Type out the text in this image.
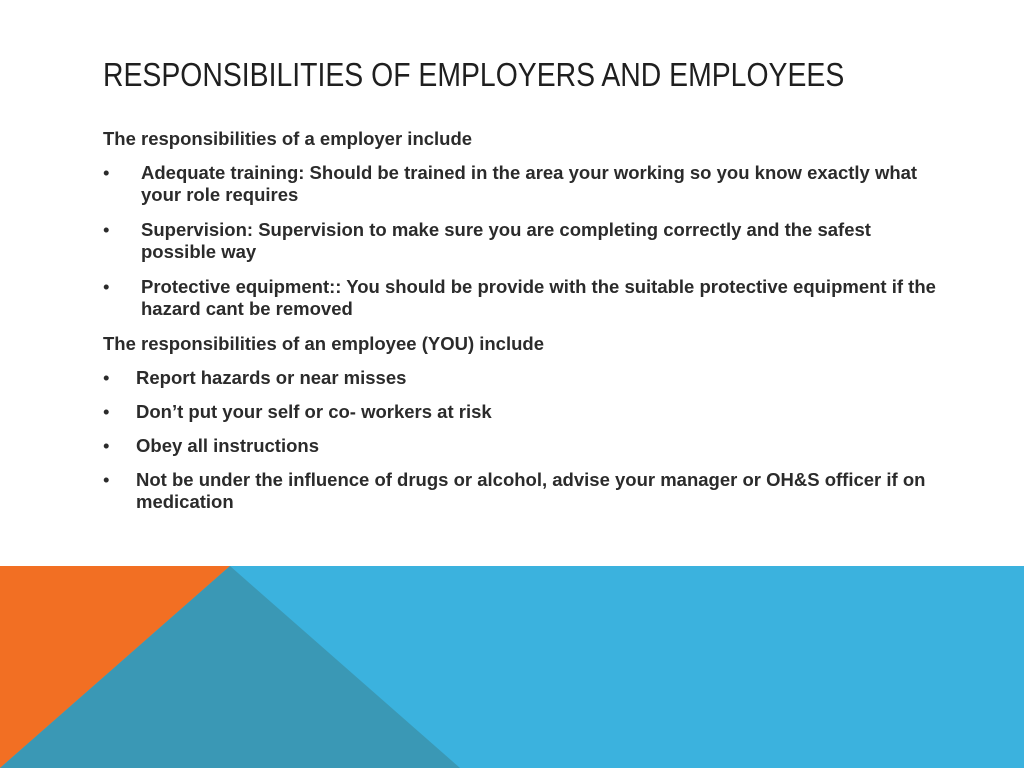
RESPONSIBILITIES OF EMPLOYERS AND EMPLOYEES
The responsibilities of a employer include
• Adequate training: Should be trained in the area your working so you know exactly what your role requires
• Supervision: Supervision to make sure you are completing correctly and the safest possible way
• Protective equipment:: You should be provide with the suitable protective equipment if the hazard cant be removed
The responsibilities of an employee (YOU) include
• Report hazards or near misses
• Don’t put your self or co- workers at risk
• Obey all instructions
• Not be under the influence of drugs or alcohol, advise your manager or OH&S officer if on medication
